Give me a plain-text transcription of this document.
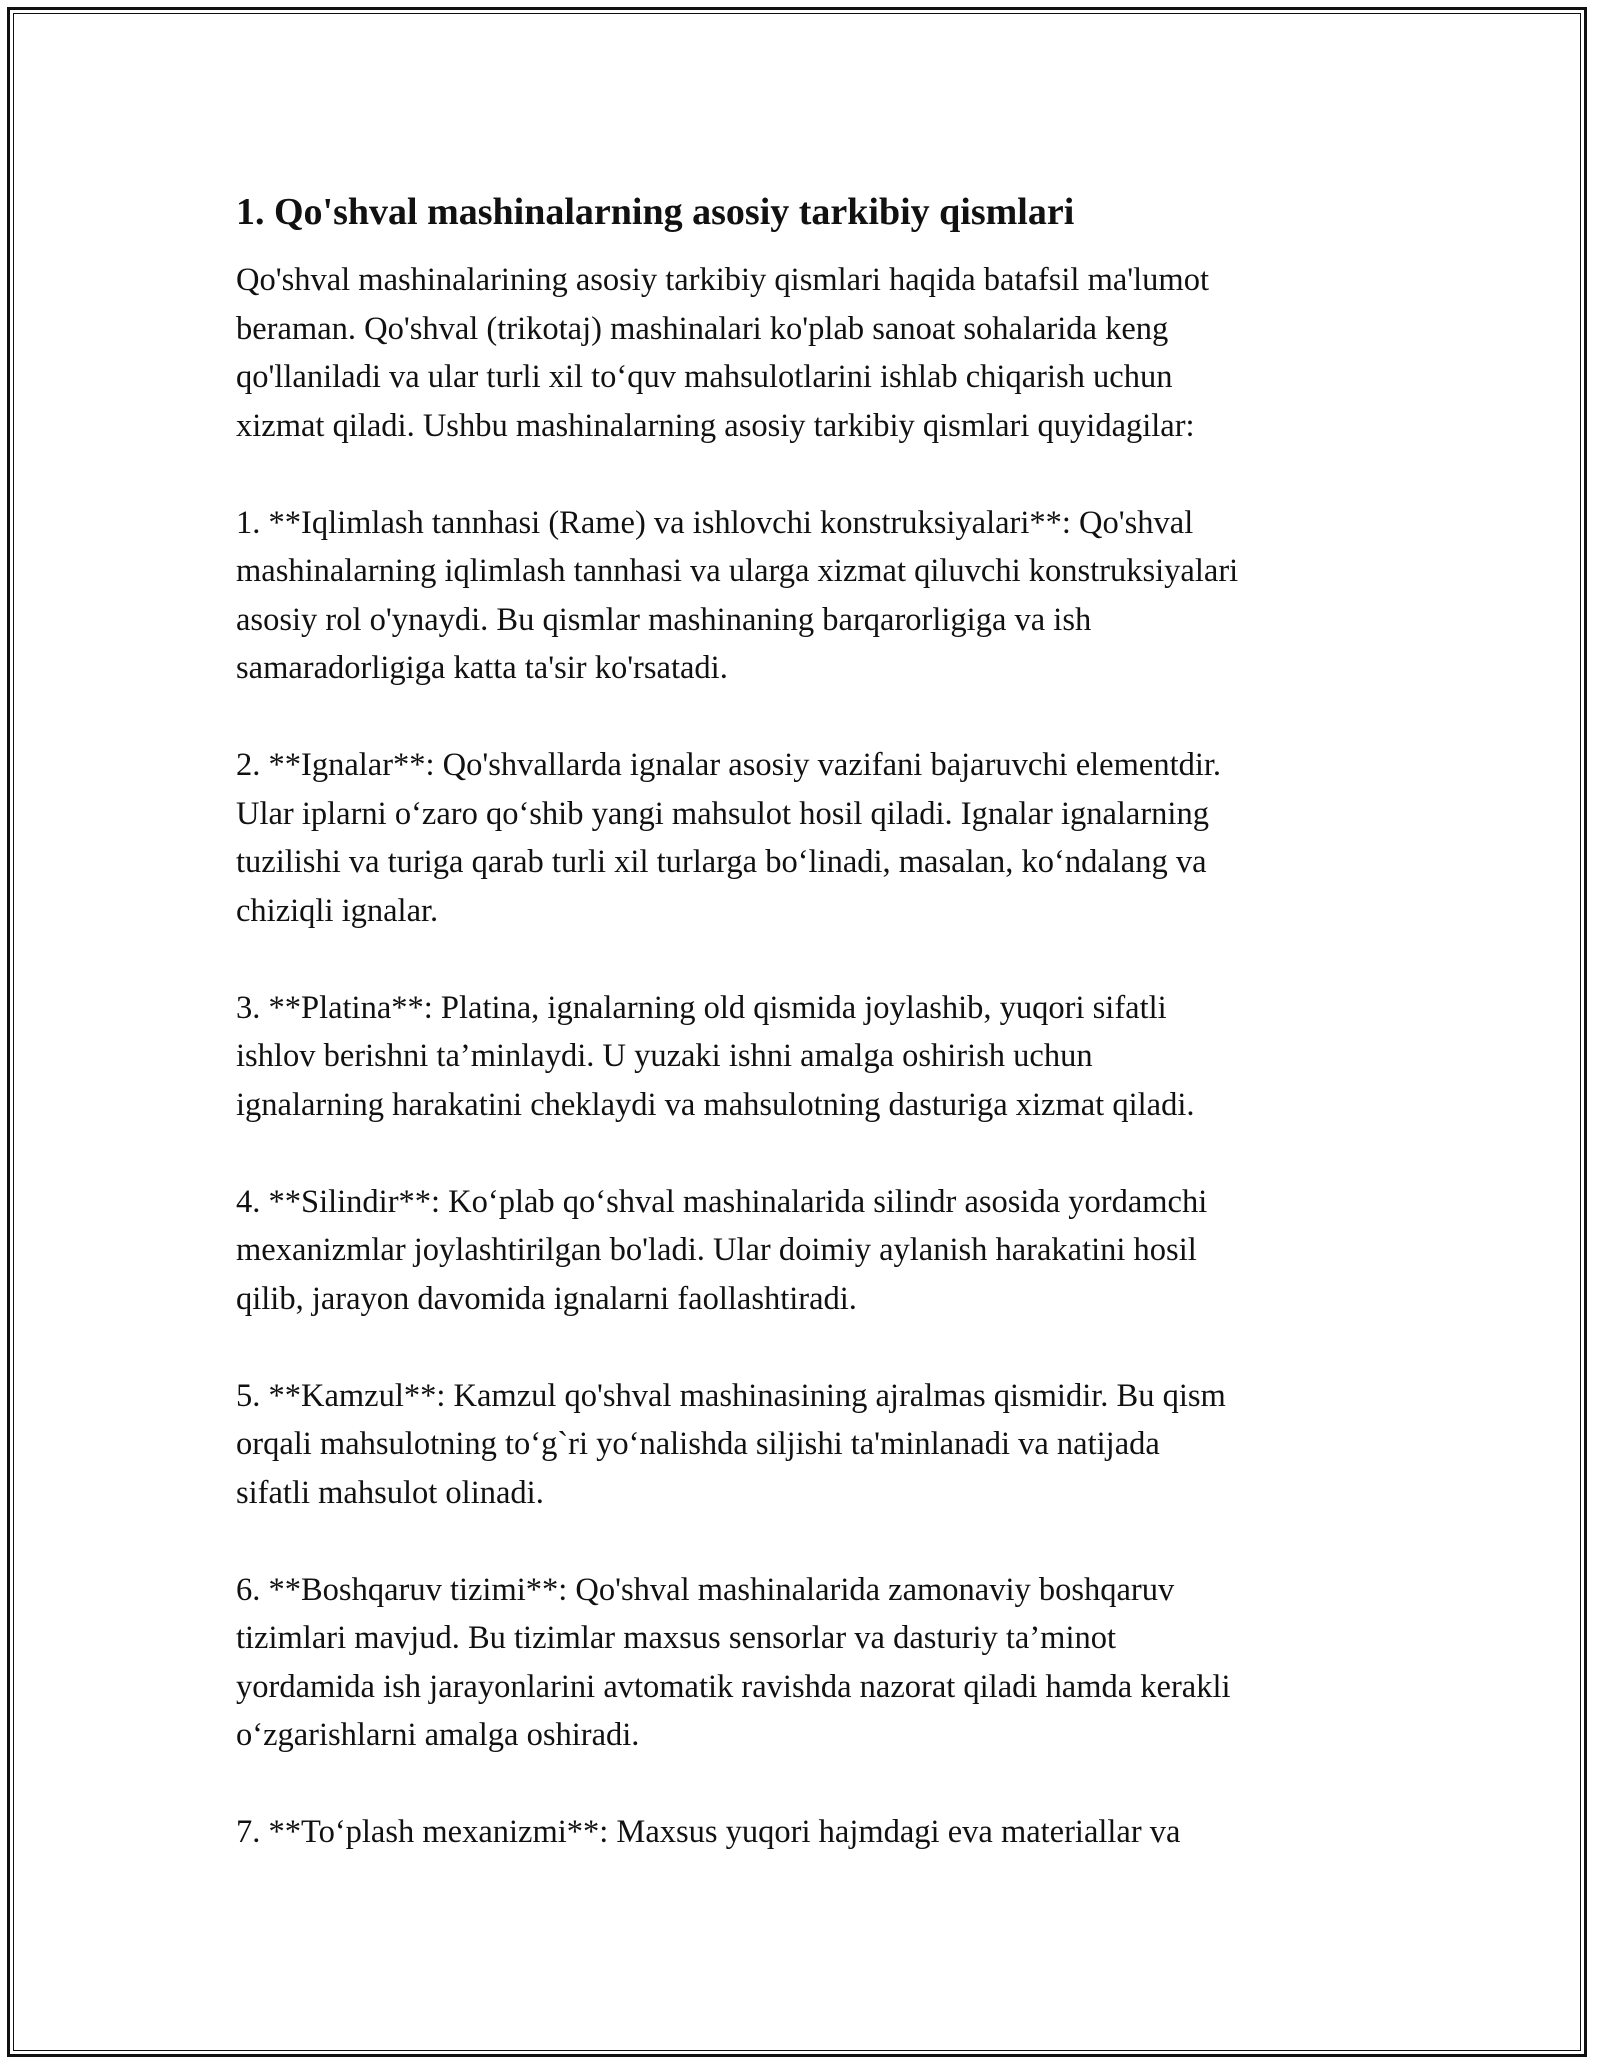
1. Qo'shval mashinalarning asosiy tarkibiy qismlari

Qo'shval mashinalarining asosiy tarkibiy qismlari haqida batafsil ma'lumot
beraman. Qo'shval (trikotaj) mashinalari ko'plab sanoat sohalarida keng
qo'llaniladi va ular turli xil to‘quv mahsulotlarini ishlab chiqarish uchun
xizmat qiladi. Ushbu mashinalarning asosiy tarkibiy qismlari quyidagilar:

1. **Iqlimlash tannhasi (Rame) va ishlovchi konstruksiyalari**: Qo'shval
mashinalarning iqlimlash tannhasi va ularga xizmat qiluvchi konstruksiyalari
asosiy rol o'ynaydi. Bu qismlar mashinaning barqarorligiga va ish
samaradorligiga katta ta'sir ko'rsatadi.

2. **Ignalar**: Qo'shvallarda ignalar asosiy vazifani bajaruvchi elementdir.
Ular iplarni o‘zaro qo‘shib yangi mahsulot hosil qiladi. Ignalar ignalarning
tuzilishi va turiga qarab turli xil turlarga bo‘linadi, masalan, ko‘ndalang va
chiziqli ignalar.

3. **Platina**: Platina, ignalarning old qismida joylashib, yuqori sifatli
ishlov berishni ta’minlaydi. U yuzaki ishni amalga oshirish uchun
ignalarning harakatini cheklaydi va mahsulotning dasturiga xizmat qiladi.

4. **Silindir**: Ko‘plab qo‘shval mashinalarida silindr asosida yordamchi
mexanizmlar joylashtirilgan bo'ladi. Ular doimiy aylanish harakatini hosil
qilib, jarayon davomida ignalarni faollashtiradi.

5. **Kamzul**: Kamzul qo'shval mashinasining ajralmas qismidir. Bu qism
orqali mahsulotning to‘g`ri yo‘nalishda siljishi ta'minlanadi va natijada
sifatli mahsulot olinadi.

6. **Boshqaruv tizimi**: Qo'shval mashinalarida zamonaviy boshqaruv
tizimlari mavjud. Bu tizimlar maxsus sensorlar va dasturiy ta’minot
yordamida ish jarayonlarini avtomatik ravishda nazorat qiladi hamda kerakli
o‘zgarishlarni amalga oshiradi.

7. **To‘plash mexanizmi**: Maxsus yuqori hajmdagi eva materiallar va
